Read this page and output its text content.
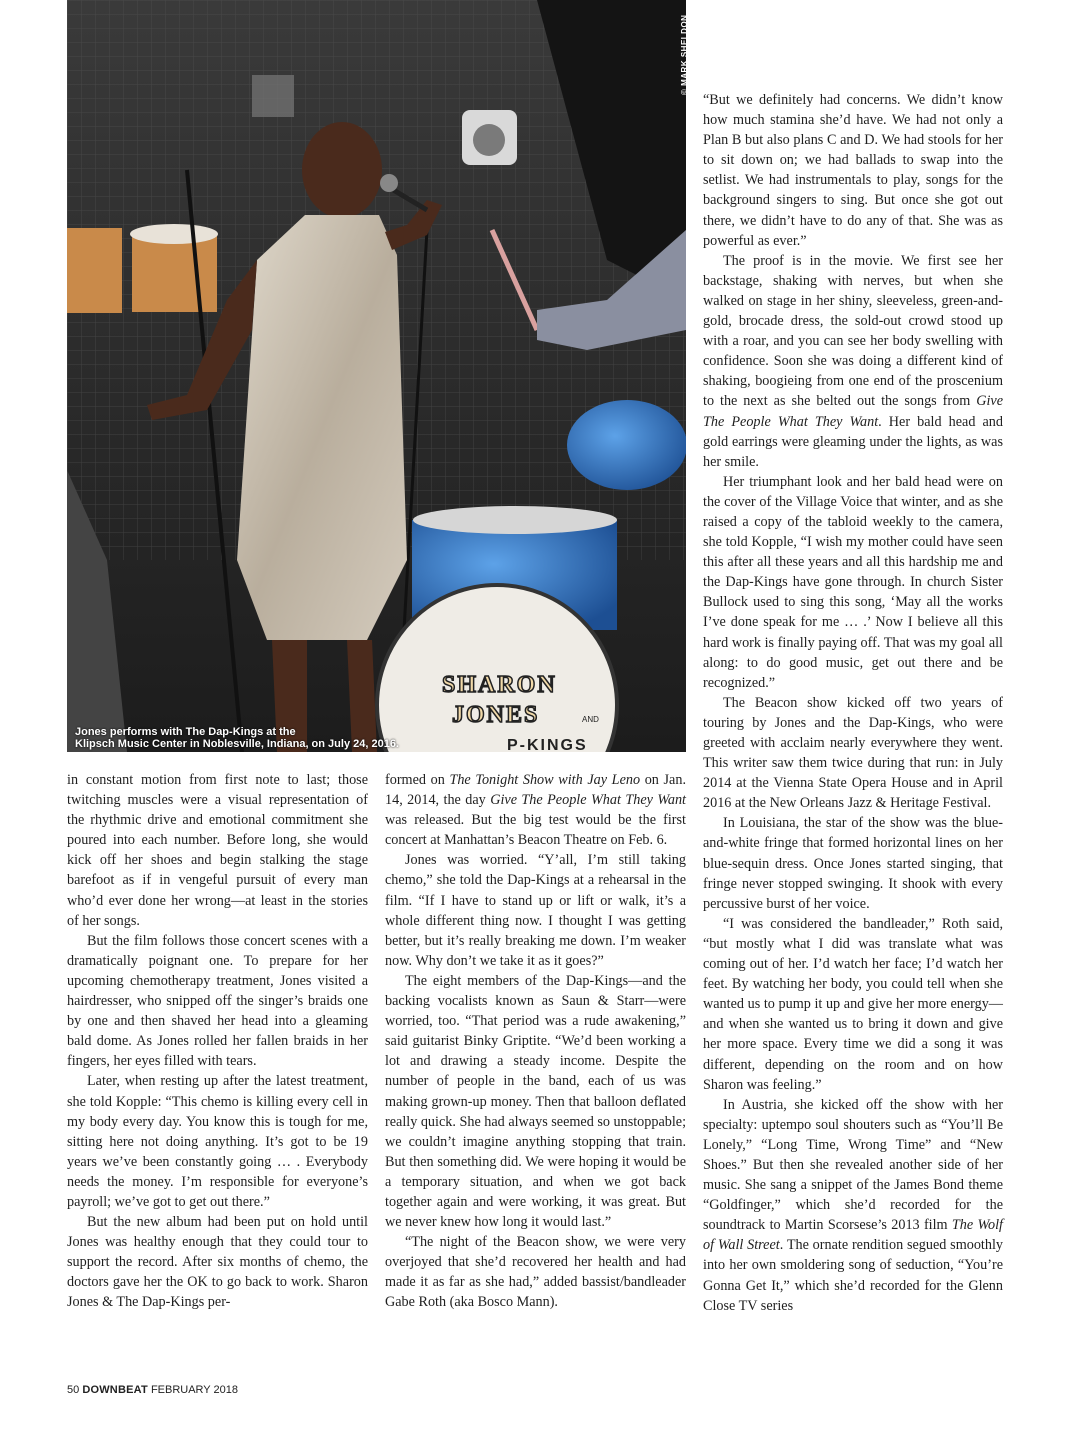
SHARON
JONES	AND
P-KINGS
© MARK SHELDON
Jones performs with The Dap-Kings at the
Klipsch Music Center in Noblesville, Indiana, on July 24, 2016.

in constant motion from first note to last; those twitching muscles were a visual representation of the rhythmic drive and emotional commitment she poured into each number. Before long, she would kick off her shoes and begin stalking the stage barefoot as if in vengeful pursuit of every man who’d ever done her wrong—at least in the stories of her songs.

But the film follows those concert scenes with a dramatically poignant one. To prepare for her upcoming chemotherapy treatment, Jones visited a hairdresser, who snipped off the singer’s braids one by one and then shaved her head into a gleaming bald dome. As Jones rolled her fallen braids in her fingers, her eyes filled with tears.

Later, when resting up after the latest treatment, she told Kopple: “This chemo is killing every cell in my body every day. You know this is tough for me, sitting here not doing anything. It’s got to be 19 years we’ve been constantly going … . Everybody needs the money. I’m responsible for everyone’s payroll; we’ve got to get out there.”

But the new album had been put on hold until Jones was healthy enough that they could tour to support the record. After six months of chemo, the doctors gave her the OK to go back to work. Sharon Jones & The Dap-Kings per-

formed on The Tonight Show with Jay Leno on Jan. 14, 2014, the day Give The People What They Want was released. But the big test would be the first concert at Manhattan’s Beacon Theatre on Feb. 6.

Jones was worried. “Y’all, I’m still taking chemo,” she told the Dap-Kings at a rehearsal in the film. “If I have to stand up or lift or walk, it’s a whole different thing now. I thought I was getting better, but it’s really breaking me down. I’m weaker now. Why don’t we take it as it goes?”

The eight members of the Dap-Kings—and the backing vocalists known as Saun & Starr—were worried, too. “That period was a rude awakening,” said guitarist Binky Griptite. “We’d been working a lot and drawing a steady income. Despite the number of people in the band, each of us was making grown-up money. Then that balloon deflated really quick. She had always seemed so unstoppable; we couldn’t imagine anything stopping that train. But then something did. We were hoping it would be a temporary situation, and when we got back together again and were working, it was great. But we never knew how long it would last.”

“The night of the Beacon show, we were very overjoyed that she’d recovered her health and had made it as far as she had,” added bassist/bandleader Gabe Roth (aka Bosco Mann).

“But we definitely had concerns. We didn’t know how much stamina she’d have. We had not only a Plan B but also plans C and D. We had stools for her to sit down on; we had ballads to swap into the setlist. We had instrumentals to play, songs for the background singers to sing. But once she got out there, we didn’t have to do any of that. She was as powerful as ever.”

The proof is in the movie. We first see her backstage, shaking with nerves, but when she walked on stage in her shiny, sleeveless, green-and-gold, brocade dress, the sold-out crowd stood up with a roar, and you can see her body swelling with confidence. Soon she was doing a different kind of shaking, boogieing from one end of the proscenium to the next as she belted out the songs from Give The People What They Want. Her bald head and gold earrings were gleaming under the lights, as was her smile.

Her triumphant look and her bald head were on the cover of the Village Voice that winter, and as she raised a copy of the tabloid weekly to the camera, she told Kopple, “I wish my mother could have seen this after all these years and all this hardship me and the Dap-Kings have gone through. In church Sister Bullock used to sing this song, ‘May all the works I’ve done speak for me … .’ Now I believe all this hard work is finally paying off. That was my goal all along: to do good music, get out there and be recognized.”

The Beacon show kicked off two years of touring by Jones and the Dap-Kings, who were greeted with acclaim nearly everywhere they went. This writer saw them twice during that run: in July 2014 at the Vienna State Opera House and in April 2016 at the New Orleans Jazz & Heritage Festival.

In Louisiana, the star of the show was the blue-and-white fringe that formed horizontal lines on her blue-sequin dress. Once Jones started singing, that fringe never stopped swinging. It shook with every percussive burst of her voice.

“I was considered the bandleader,” Roth said, “but mostly what I did was translate what was coming out of her. I’d watch her face; I’d watch her feet. By watching her body, you could tell when she wanted us to pump it up and give her more energy—and when she wanted us to bring it down and give her more space. Every time we did a song it was different, depending on the room and on how Sharon was feeling.”

In Austria, she kicked off the show with her specialty: uptempo soul shouters such as “You’ll Be Lonely,” “Long Time, Wrong Time” and “New Shoes.” But then she revealed another side of her music. She sang a snippet of the James Bond theme “Goldfinger,” which she’d recorded for the soundtrack to Martin Scorsese’s 2013 film The Wolf of Wall Street. The ornate rendition segued smoothly into her own smoldering song of seduction, “You’re Gonna Get It,” which she’d recorded for the Glenn Close TV series

50 DOWNBEAT FEBRUARY 2018
